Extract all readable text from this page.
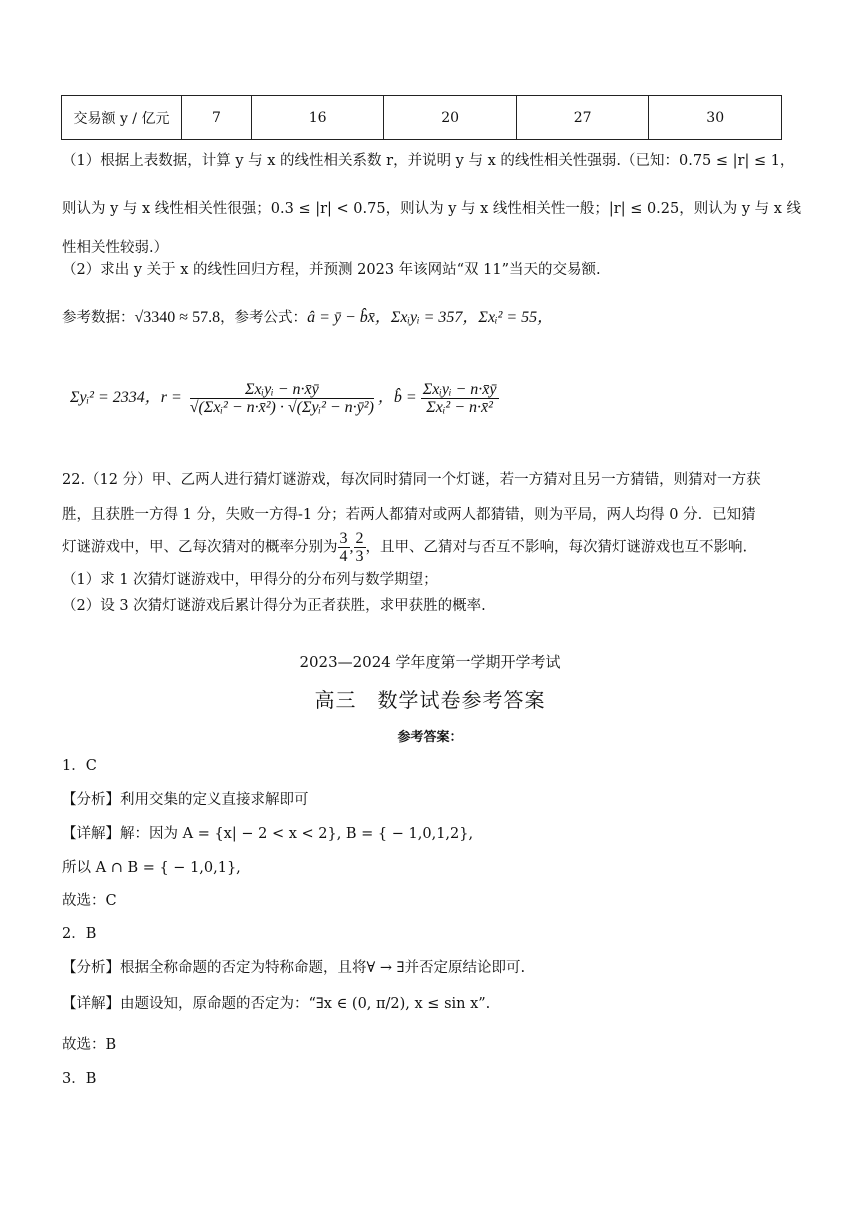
交易额 y / 亿元	7	16	20	27	30
（1）根据上表数据，计算 y 与 x 的线性相关系数 r，并说明 y 与 x 的线性相关性强弱.（已知：0.75 ≤ |r| ≤ 1，
则认为 y 与 x 线性相关性很强；0.3 ≤ |r| < 0.75，则认为 y 与 x 线性相关性一般；|r| ≤ 0.25，则认为 y 与 x 线
性相关性较弱.）
（2）求出 y 关于 x 的线性回归方程，并预测 2023 年该网站“双 11”当天的交易额.
参考数据：√3340 ≈ 57.8，参考公式：â = ȳ − b̂x̄，Σxᵢyᵢ = 357，Σxᵢ² = 55，
Σyᵢ² = 2334，$r = \frac{\text{Σxᵢyᵢ − n·x̄ȳ}}{\text{√(Σxᵢ² − n·x̄²) · √(Σyᵢ² − n·ȳ²)}}$ ，b̂ = $\frac{\text{Σxᵢyᵢ − n·x̄ȳ}}{\text{Σxᵢ² − n·x̄²}}$
22.（12 分）甲、乙两人进行猜灯谜游戏，每次同时猜同一个灯谜，若一方猜对且另一方猜错，则猜对一方获
胜，且获胜一方得 1 分，失败一方得-1 分；若两人都猜对或两人都猜错，则为平局，两人均得 0 分．已知猜
灯谜游戏中，甲、乙每次猜对的概率分别为 $\frac{3}{4}$ , $\frac{2}{3}$ ，且甲、乙猜对与否互不影响，每次猜灯谜游戏也互不影响.
（1）求 1 次猜灯谜游戏中，甲得分的分布列与数学期望；
（2）设 3 次猜灯谜游戏后累计得分为正者获胜，求甲获胜的概率.
2023—2024 学年度第一学期开学考试
高三　数学试卷参考答案
参考答案：
1．C
【分析】利用交集的定义直接求解即可
【详解】解：因为 A = {x| − 2 < x < 2}, B = { − 1,0,1,2},
所以 A ∩ B = { − 1,0,1},
故选：C
2．B
【分析】根据全称命题的否定为特称命题，且将∀ → ∃并否定原结论即可.
【详解】由题设知，原命题的否定为：“∃x ∈ (0, π/2), x ≤ sin x”.
故选：B
3．B
